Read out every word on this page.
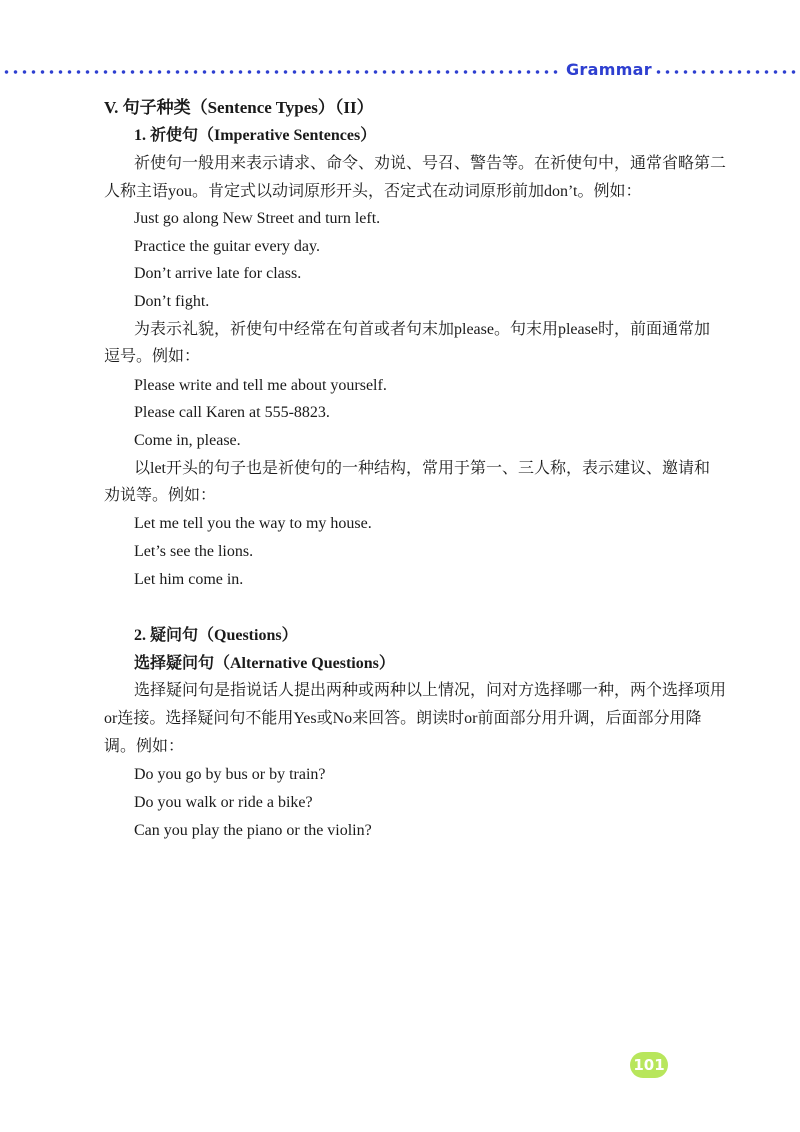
Grammar
V. 句子种类（Sentence Types）（II）
1. 祈使句（Imperative Sentences）
祈使句一般用来表示请求、命令、劝说、号召、警告等。在祈使句中，通常省略第二
人称主语you。肯定式以动词原形开头，否定式在动词原形前加don’t。例如：
Just go along New Street and turn left.
Practice the guitar every day.
Don’t arrive late for class.
Don’t fight.
为表示礼貌，祈使句中经常在句首或者句末加please。句末用please时，前面通常加
逗号。例如：
Please write and tell me about yourself.
Please call Karen at 555-8823.
Come in, please.
以let开头的句子也是祈使句的一种结构，常用于第一、三人称，表示建议、邀请和
劝说等。例如：
Let me tell you the way to my house.
Let’s see the lions.
Let him come in.
2. 疑问句（Questions）
选择疑问句（Alternative Questions）
选择疑问句是指说话人提出两种或两种以上情况，问对方选择哪一种，两个选择项用
or连接。选择疑问句不能用Yes或No来回答。朗读时or前面部分用升调，后面部分用降
调。例如：
Do you go by bus or by train?
Do you walk or ride a bike?
Can you play the piano or the violin?
101
